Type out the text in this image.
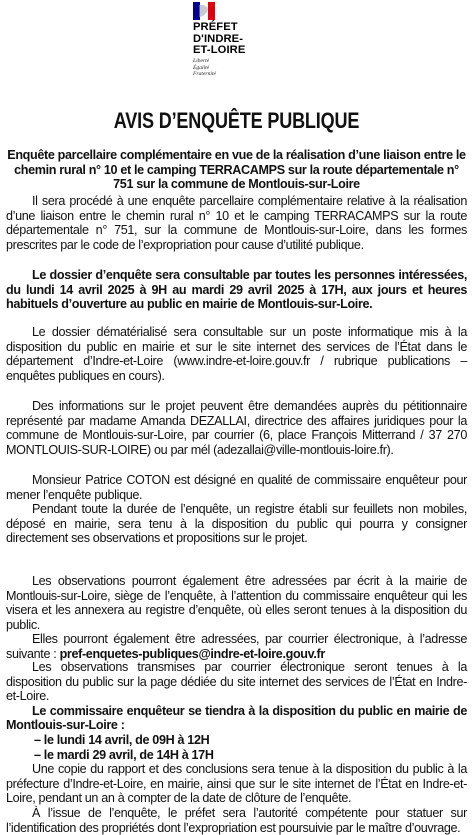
PRÉFET
D'INDRE-
ET-LOIRE
Liberté
Égalité
Fraternité
AVIS D’ENQUÊTE PUBLIQUE
Enquête parcellaire complémentaire en vue de la réalisation d’une liaison entre le chemin rural n° 10 et le camping TERRACAMPS sur la route départementale n° 751 sur la commune de Montlouis-sur-Loire
Il sera procédé à une enquête parcellaire complémentaire relative à la réalisation d’une liaison entre le chemin rural n° 10 et le camping TERRACAMPS sur la route départementale n° 751, sur la commune de Montlouis-sur-Loire, dans les formes prescrites par le code de l’expropriation pour cause d’utilité publique.
Le dossier d’enquête sera consultable par toutes les personnes intéressées, du lundi 14 avril 2025 à 9H au mardi 29 avril 2025 à 17H, aux jours et heures habituels d’ouverture au public en mairie de Montlouis-sur-Loire.
Le dossier dématérialisé sera consultable sur un poste informatique mis à la disposition du public en mairie et sur le site internet des services de l’État dans le département d’Indre-et-Loire (www.indre-et-loire.gouv.fr / rubrique publications – enquêtes publiques en cours).
Des informations sur le projet peuvent être demandées auprès du pétitionnaire représenté par madame Amanda DEZALLAI, directrice des affaires juridiques pour la commune de Montlouis-sur-Loire, par courrier (6, place François Mitterrand / 37 270 MONTLOUIS-SUR-LOIRE) ou par mél (adezallai@ville-montlouis-loire.fr).

Monsieur Patrice COTON est désigné en qualité de commissaire enquêteur pour mener l’enquête publique.

Pendant toute la durée de l’enquête, un registre établi sur feuillets non mobiles, déposé en mairie, sera tenu à la disposition du public qui pourra y consigner directement ses observations et propositions sur le projet.

Les observations pourront également être adressées par écrit à la mairie de Montlouis-sur-Loire, siège de l’enquête, à l’attention du commissaire enquêteur qui les visera et les annexera au registre d’enquête, où elles seront tenues à la disposition du public.

Elles pourront également être adressées, par courrier électronique, à l’adresse suivante : pref-enquetes-publiques@indre-et-loire.gouv.fr

Les observations transmises par courrier électronique seront tenues à la disposition du public sur la page dédiée du site internet des services de l’État en Indre-et-Loire.

Le commissaire enquêteur se tiendra à la disposition du public en mairie de Montlouis-sur-Loire :

– le lundi 14 avril, de 09H à 12H

– le mardi 29 avril, de 14H à 17H

Une copie du rapport et des conclusions sera tenue à la disposition du public à la préfecture d’Indre-et-Loire, en mairie, ainsi que sur le site internet de l’État en Indre-et-Loire, pendant un an à compter de la date de clôture de l’enquête.

À l’issue de l’enquête, le préfet sera l’autorité compétente pour statuer sur l’identification des propriétés dont l’expropriation est poursuivie par le maître d’ouvrage.
